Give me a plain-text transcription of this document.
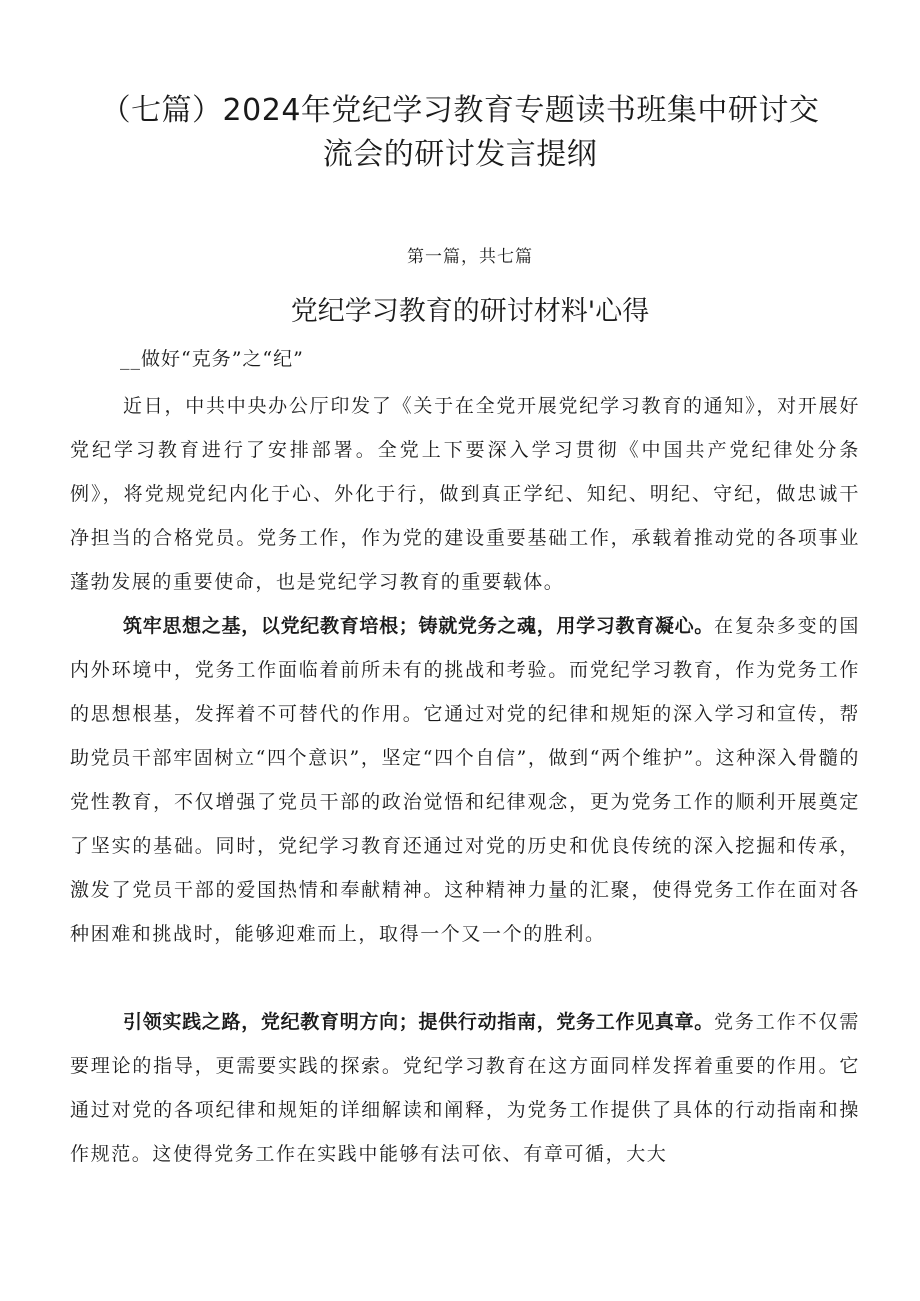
（七篇）2024年党纪学习教育专题读书班集中研讨交
流会的研讨发言提纲
第一篇，共七篇
党纪学习教育的研讨材料'心得
__做好“克务”之“纪”

近日，中共中央办公厅印发了《关于在全党开展党纪学习教育的通知》，对开展好党纪学习教育进行了安排部署。全党上下要深入学习贯彻《中国共产党纪律处分条例》，将党规党纪内化于心、外化于行，做到真正学纪、知纪、明纪、守纪，做忠诚干净担当的合格党员。党务工作，作为党的建设重要基础工作，承载着推动党的各项事业蓬勃发展的重要使命，也是党纪学习教育的重要载体。

筑牢思想之基，以党纪教育培根；铸就党务之魂，用学习教育凝心。在复杂多变的国内外环境中，党务工作面临着前所未有的挑战和考验。而党纪学习教育，作为党务工作的思想根基，发挥着不可替代的作用。它通过对党的纪律和规矩的深入学习和宣传，帮助党员干部牢固树立“四个意识”，坚定“四个自信”，做到“两个维护”。这种深入骨髓的党性教育，不仅增强了党员干部的政治觉悟和纪律观念，更为党务工作的顺利开展奠定了坚实的基础。同时，党纪学习教育还通过对党的历史和优良传统的深入挖掘和传承，激发了党员干部的爱国热情和奉献精神。这种精神力量的汇聚，使得党务工作在面对各种困难和挑战时，能够迎难而上，取得一个又一个的胜利。

引领实践之路，党纪教育明方向；提供行动指南，党务工作见真章。党务工作不仅需要理论的指导，更需要实践的探索。党纪学习教育在这方面同样发挥着重要的作用。它通过对党的各项纪律和规矩的详细解读和阐释，为党务工作提供了具体的行动指南和操作规范。这使得党务工作在实践中能够有法可依、有章可循，大大
